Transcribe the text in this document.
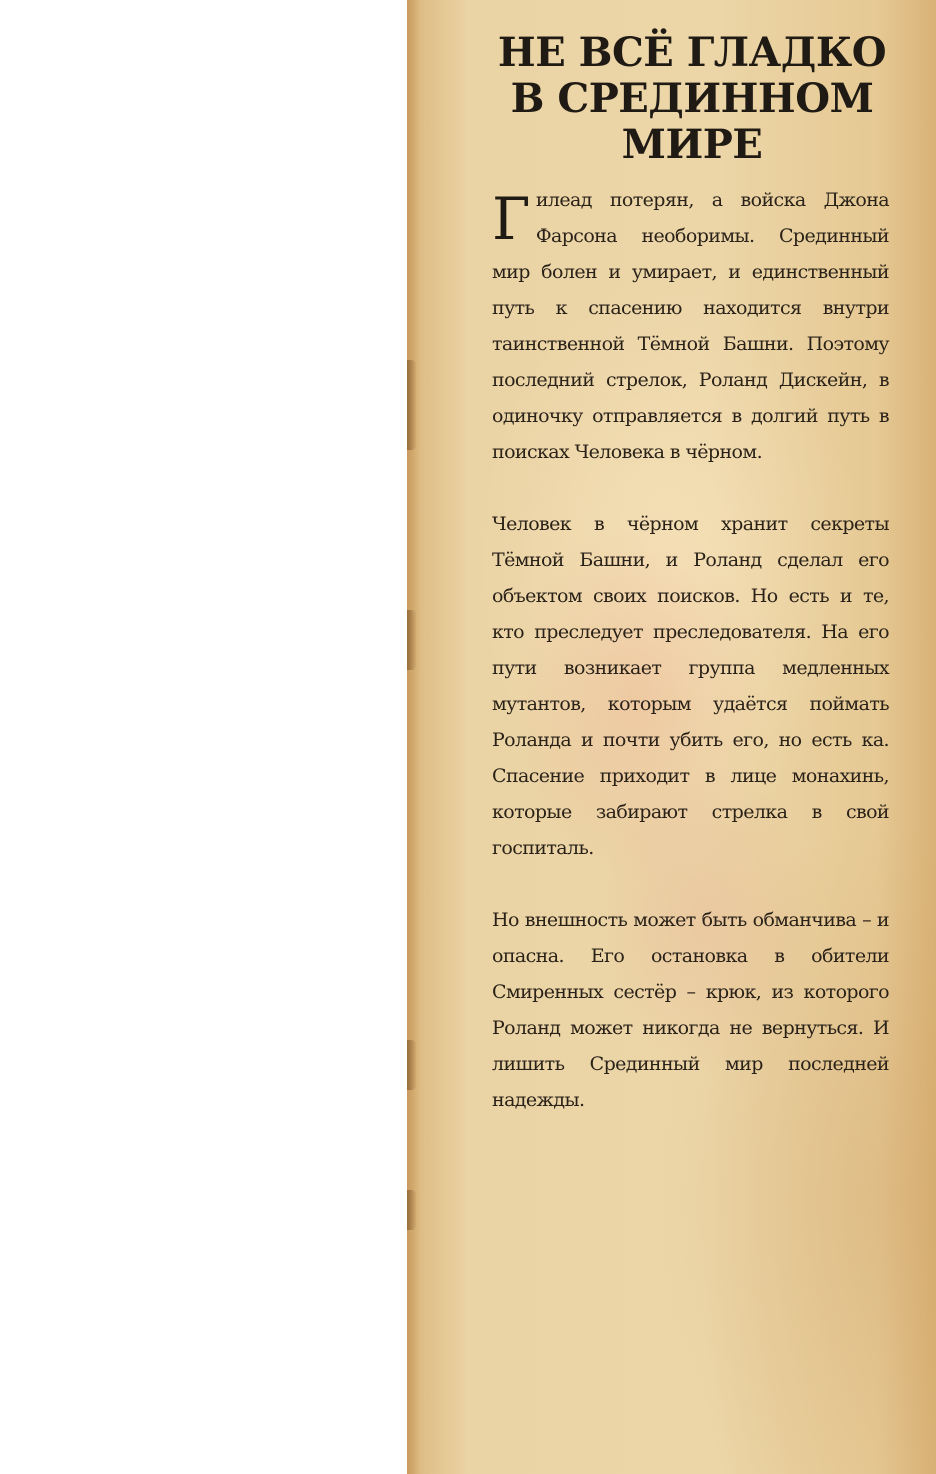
НЕ ВСЁ ГЛАДКО В СРЕДИННОМ МИРЕ

Гилеад потерян, а войска Джона Фарсона необоримы. Срединный мир болен и умирает, и единственный путь к спасению находится внутри таинственной Тёмной Башни. Поэтому последний стрелок, Роланд Дискейн, в одиночку отправляется в долгий путь в поисках Человека в чёрном.

Человек в чёрном хранит секреты Тёмной Башни, и Роланд сделал его объектом своих поисков. Но есть и те, кто преследует преследователя. На его пути возникает группа медленных мутантов, которым удаётся поймать Роланда и почти убить его, но есть ка. Спасение приходит в лице монахинь, которые забирают стрелка в свой госпиталь.

Но внешность может быть обманчива – и опасна. Его остановка в обители Смиренных сестёр – крюк, из которого Роланд может никогда не вернуться. И лишить Срединный мир последней надежды.
